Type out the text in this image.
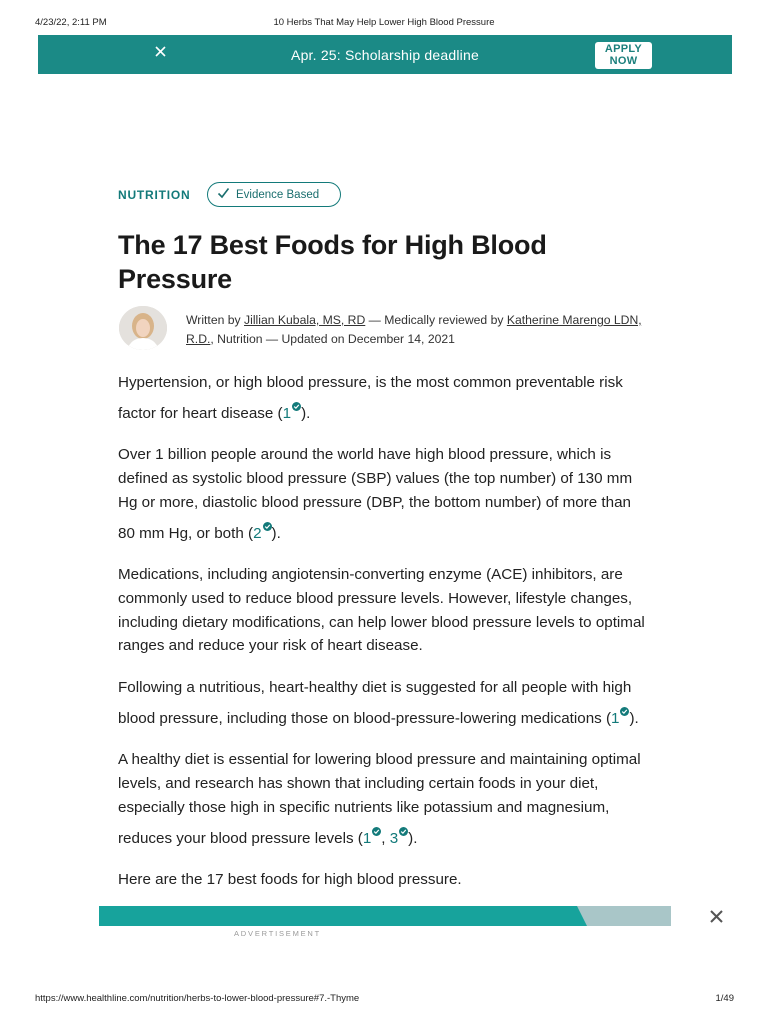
4/23/22, 2:11 PM	10 Herbs That May Help Lower High Blood Pressure
Apr. 25: Scholarship deadline	APPLY
NOW
NUTRITION	Evidence Based
The 17 Best Foods for High Blood Pressure
Written by Jillian Kubala, MS, RD — Medically reviewed by Katherine Marengo LDN, R.D., Nutrition — Updated on December 14, 2021

Hypertension, or high blood pressure, is the most common preventable risk factor for heart disease (1 ).

Over 1 billion people around the world have high blood pressure, which is defined as systolic blood pressure (SBP) values (the top number) of 130 mm Hg or more, diastolic blood pressure (DBP, the bottom number) of more than 80 mm Hg, or both (2 ).

Medications, including angiotensin-converting enzyme (ACE) inhibitors, are commonly used to reduce blood pressure levels. However, lifestyle changes, including dietary modifications, can help lower blood pressure levels to optimal ranges and reduce your risk of heart disease.

Following a nutritious, heart-healthy diet is suggested for all people with high blood pressure, including those on blood-pressure-lowering medications (1 ).

A healthy diet is essential for lowering blood pressure and maintaining optimal levels, and research has shown that including certain foods in your diet, especially those high in specific nutrients like potassium and magnesium, reduces your blood pressure levels (1 , 3 ).

Here are the 17 best foods for high blood pressure.

ADVERTISEMENT
https://www.healthline.com/nutrition/herbs-to-lower-blood-pressure#7.-Thyme	1/49
